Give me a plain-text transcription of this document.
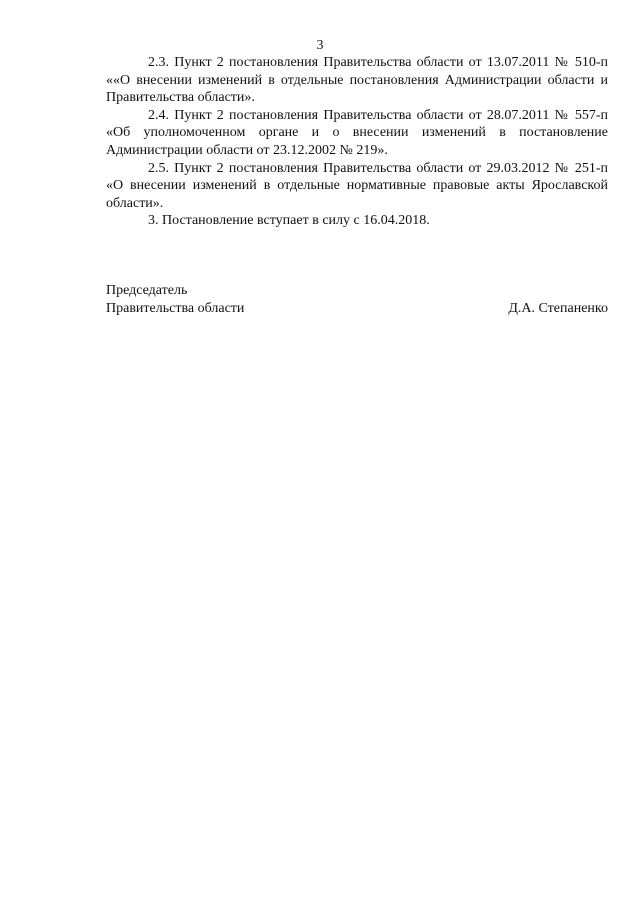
3

2.3. Пункт 2 постановления Правительства области от 13.07.2011 № 510-п ««О внесении изменений в отдельные постановления Администрации области и Правительства области».

2.4. Пункт 2 постановления Правительства области от 28.07.2011 № 557-п «Об уполномоченном органе и о внесении изменений в постановление Администрации области от 23.12.2002 № 219».

2.5. Пункт 2 постановления Правительства области от 29.03.2012 № 251-п «О внесении изменений в отдельные нормативные правовые акты Ярославской области».

3. Постановление вступает в силу с 16.04.2018.

Председатель
Правительства области	Д.А. Степаненко
